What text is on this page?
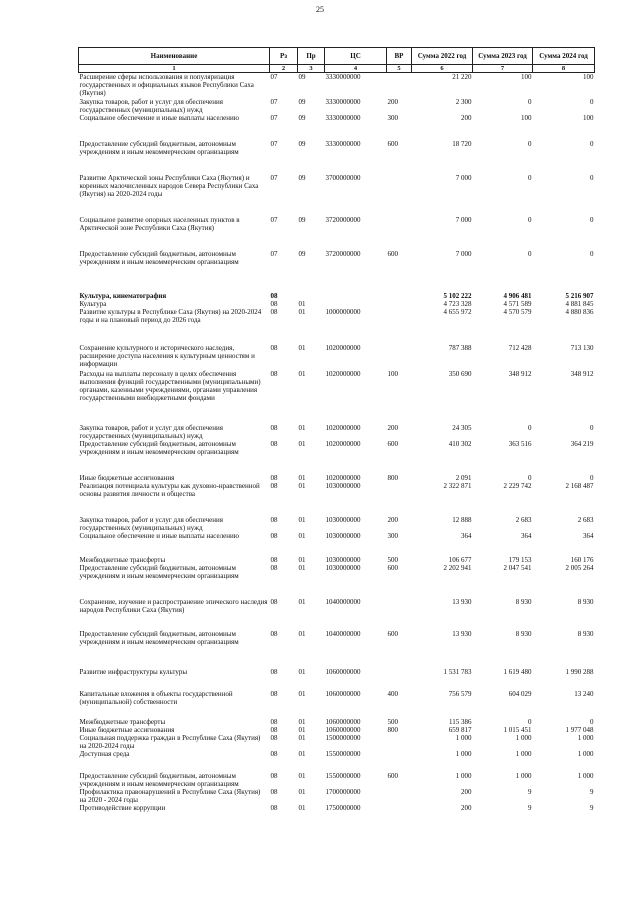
25
Наименование	Рз	Пр	ЦС	ВР	Сумма 2022 год	Сумма 2023 год	Сумма 2024 год
1	2	3	4	5	6	7	8
Расширение сферы использования и популяризация государственных и официальных языков Республики Саха (Якутия)	07	09	3330000000		21 220	100	100
Закупка товаров, работ и услуг для обеспечения государственных (муниципальных) нужд	07	09	3330000000	200	2 300	0	0
Социальное обеспечение и иные выплаты населению	07	09	3330000000	300	200	100	100
Предоставление субсидий бюджетным, автономным учреждениям и иным некоммерческим организациям	07	09	3330000000	600	18 720	0	0
Развитие Арктической зоны Республики Саха (Якутия) и коренных малочисленных народов Севера Республики Саха (Якутия) на 2020-2024 годы	07	09	3700000000		7 000	0	0
Социальное развитие опорных населенных пунктов в Арктической зоне Республики Саха (Якутия)	07	09	3720000000		7 000	0	0
Предоставление субсидий бюджетным, автономным учреждениям и иным некоммерческим организациям	07	09	3720000000	600	7 000	0	0
Культура, кинематография	08				5 102 222	4 906 481	5 216 907
Культура	08	01			4 723 328	4 571 589	4 881 845
Развитие культуры в Республике Саха (Якутия) на 2020-2024 годы и на плановый период до 2026 года	08	01	1000000000		4 655 972	4 570 579	4 880 836
Сохранение культурного и исторического наследия, расширение доступа населения к культурным ценностям и информации	08	01	1020000000		787 388	712 428	713 130
Расходы на выплаты персоналу в целях обеспечения выполнения функций государственными (муниципальными) органами, казенными учреждениями, органами управления государственными внебюджетными фондами	08	01	1020000000	100	350 690	348 912	348 912
Закупка товаров, работ и услуг для обеспечения государственных (муниципальных) нужд	08	01	1020000000	200	24 305	0	0
Предоставление субсидий бюджетным, автономным учреждениям и иным некоммерческим организациям	08	01	1020000000	600	410 302	363 516	364 219
Иные бюджетные ассигнования	08	01	1020000000	800	2 091	0	0
Реализация потенциала культуры как духовно-нравственной основы развития личности и общества	08	01	1030000000		2 322 871	2 229 742	2 168 487
Закупка товаров, работ и услуг для обеспечения государственных (муниципальных) нужд	08	01	1030000000	200	12 888	2 683	2 683
Социальное обеспечение и иные выплаты населению	08	01	1030000000	300	364	364	364
Межбюджетные трансферты	08	01	1030000000	500	106 677	179 153	160 176
Предоставление субсидий бюджетным, автономным учреждениям и иным некоммерческим организациям	08	01	1030000000	600	2 202 941	2 047 541	2 005 264
Сохранение, изучение и распространение эпического наследия народов Республики Саха (Якутия)	08	01	1040000000		13 930	8 930	8 930
Предоставление субсидий бюджетным, автономным учреждениям и иным некоммерческим организациям	08	01	1040000000	600	13 930	8 930	8 930
Развитие инфраструктуры культуры	08	01	1060000000		1 531 783	1 619 480	1 990 288
Капитальные вложения в объекты государственной (муниципальной) собственности	08	01	1060000000	400	756 579	604 029	13 240
Межбюджетные трансферты	08	01	1060000000	500	115 386	0	0
Иные бюджетные ассигнования	08	01	1060000000	800	659 817	1 015 451	1 977 048
Социальная поддержка граждан в Республике Саха (Якутия) на 2020-2024 годы	08	01	1500000000		1 000	1 000	1 000
Доступная среда	08	01	1550000000		1 000	1 000	1 000
Предоставление субсидий бюджетным, автономным учреждениям и иным некоммерческим организациям	08	01	1550000000	600	1 000	1 000	1 000
Профилактика правонарушений в Республике Саха (Якутия) на 2020 - 2024 годы	08	01	1700000000		200	9	9
Противодействие коррупции	08	01	1750000000		200	9	9
